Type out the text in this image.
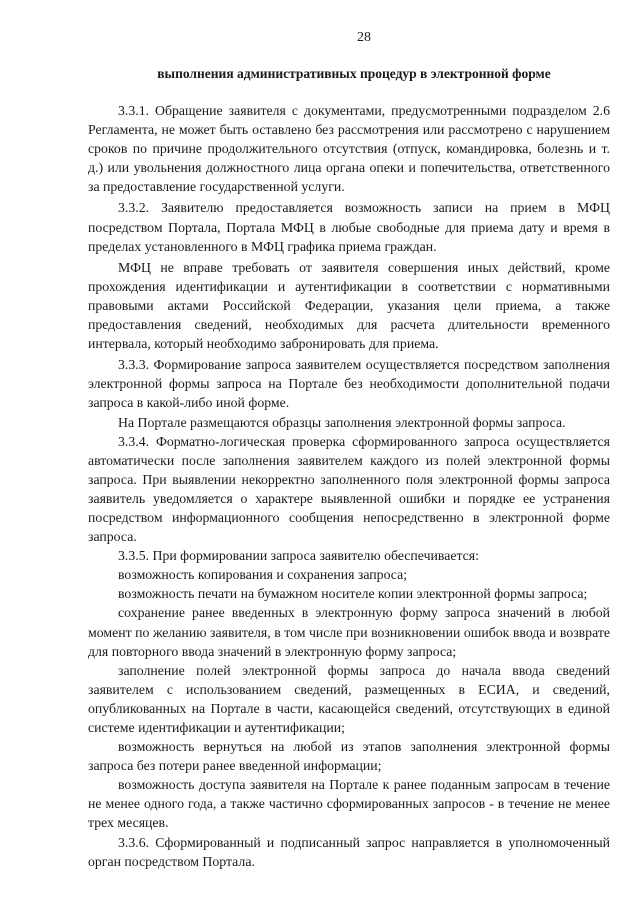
28
выполнения административных процедур в электронной форме

3.3.1. Обращение заявителя с документами, предусмотренными подразделом 2.6 Регламента, не может быть оставлено без рассмотрения или рассмотрено с нарушением сроков по причине продолжительного отсутствия (отпуск, командировка, болезнь и т. д.) или увольнения должностного лица органа опеки и попечительства, ответственного за предоставление государственной услуги.

3.3.2. Заявителю предоставляется возможность записи на прием в МФЦ посредством Портала, Портала МФЦ в любые свободные для приема дату и время в пределах установленного в МФЦ графика приема граждан.

МФЦ не вправе требовать от заявителя совершения иных действий, кроме прохождения идентификации и аутентификации в соответствии с нормативными правовыми актами Российской Федерации, указания цели приема, а также предоставления сведений, необходимых для расчета длительности временного интервала, который необходимо забронировать для приема.

3.3.3. Формирование запроса заявителем осуществляется посредством заполнения электронной формы запроса на Портале без необходимости дополнительной подачи запроса в какой-либо иной форме.

На Портале размещаются образцы заполнения электронной формы запроса.

3.3.4. Форматно-логическая проверка сформированного запроса осуществляется автоматически после заполнения заявителем каждого из полей электронной формы запроса. При выявлении некорректно заполненного поля электронной формы запроса заявитель уведомляется о характере выявленной ошибки и порядке ее устранения посредством информационного сообщения непосредственно в электронной форме запроса.

3.3.5. При формировании запроса заявителю обеспечивается:

возможность копирования и сохранения запроса;

возможность печати на бумажном носителе копии электронной формы запроса;

сохранение ранее введенных в электронную форму запроса значений в любой момент по желанию заявителя, в том числе при возникновении ошибок ввода и возврате для повторного ввода значений в электронную форму запроса;

заполнение полей электронной формы запроса до начала ввода сведений заявителем с использованием сведений, размещенных в ЕСИА, и сведений, опубликованных на Портале в части, касающейся сведений, отсутствующих в единой системе идентификации и аутентификации;

возможность вернуться на любой из этапов заполнения электронной формы запроса без потери ранее введенной информации;

возможность доступа заявителя на Портале к ранее поданным запросам в течение не менее одного года, а также частично сформированных запросов - в течение не менее трех месяцев.

3.3.6. Сформированный и подписанный запрос направляется в уполномоченный орган посредством Портала.
